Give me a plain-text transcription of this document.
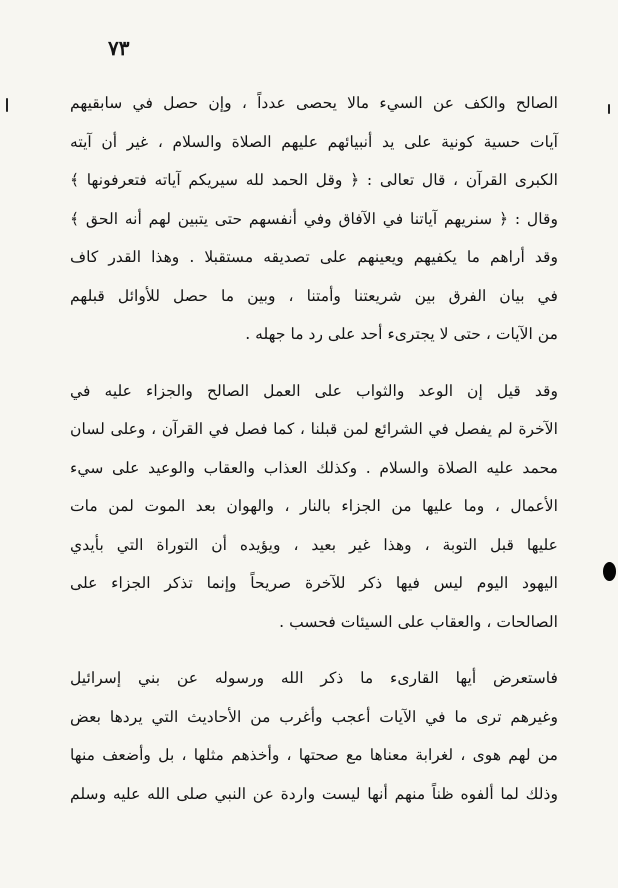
٧٣

الصالح والكف عن السيء مالا يحصى عدداً ، وإن حصل في سابقيهم
آيات حسية كونية على يد أنبيائهم عليهم الصلاة والسلام ، غير أن آيته
الكبرى القرآن ، قال تعالى : ﴿ وقل الحمد لله سيريكم آياته فتعرفونها ﴾
وقال : ﴿ سنريهم آياتنا في الآفاق وفي أنفسهم حتى يتبين لهم أنه الحق ﴾
وقد أراهم ما يكفيهم ويعينهم على تصديقه مستقبلا . وهذا القدر كاف
في بيان الفرق بين شريعتنا وأمتنا ، وبين ما حصل للأوائل قبلهم
من الآيات ، حتى لا يجترىء أحد على رد ما جهله .

وقد قيل إن الوعد والثواب على العمل الصالح والجزاء عليه في
الآخرة لم يفصل في الشرائع لمن قبلنا ، كما فصل في القرآن ، وعلى لسان
محمد عليه الصلاة والسلام . وكذلك العذاب والعقاب والوعيد على سيء
الأعمال ، وما عليها من الجزاء بالنار ، والهوان بعد الموت لمن مات
عليها قبل التوبة ، وهذا غير بعيد ، ويؤيده أن التوراة التي بأيدي
اليهود اليوم ليس فيها ذكر للآخرة صريحاً وإنما تذكر الجزاء على
الصالحات ، والعقاب على السيئات فحسب .

فاستعرض أيها القارىء ما ذكر الله ورسوله عن بني إسرائيل
وغيرهم ترى ما في الآيات أعجب وأغرب من الأحاديث التي يردها بعض
من لهم هوى ، لغرابة معناها مع صحتها ، وأخذهم مثلها ، بل وأضعف منها
وذلك لما ألفوه ظناً منهم أنها ليست واردة عن النبي صلى الله عليه وسلم
